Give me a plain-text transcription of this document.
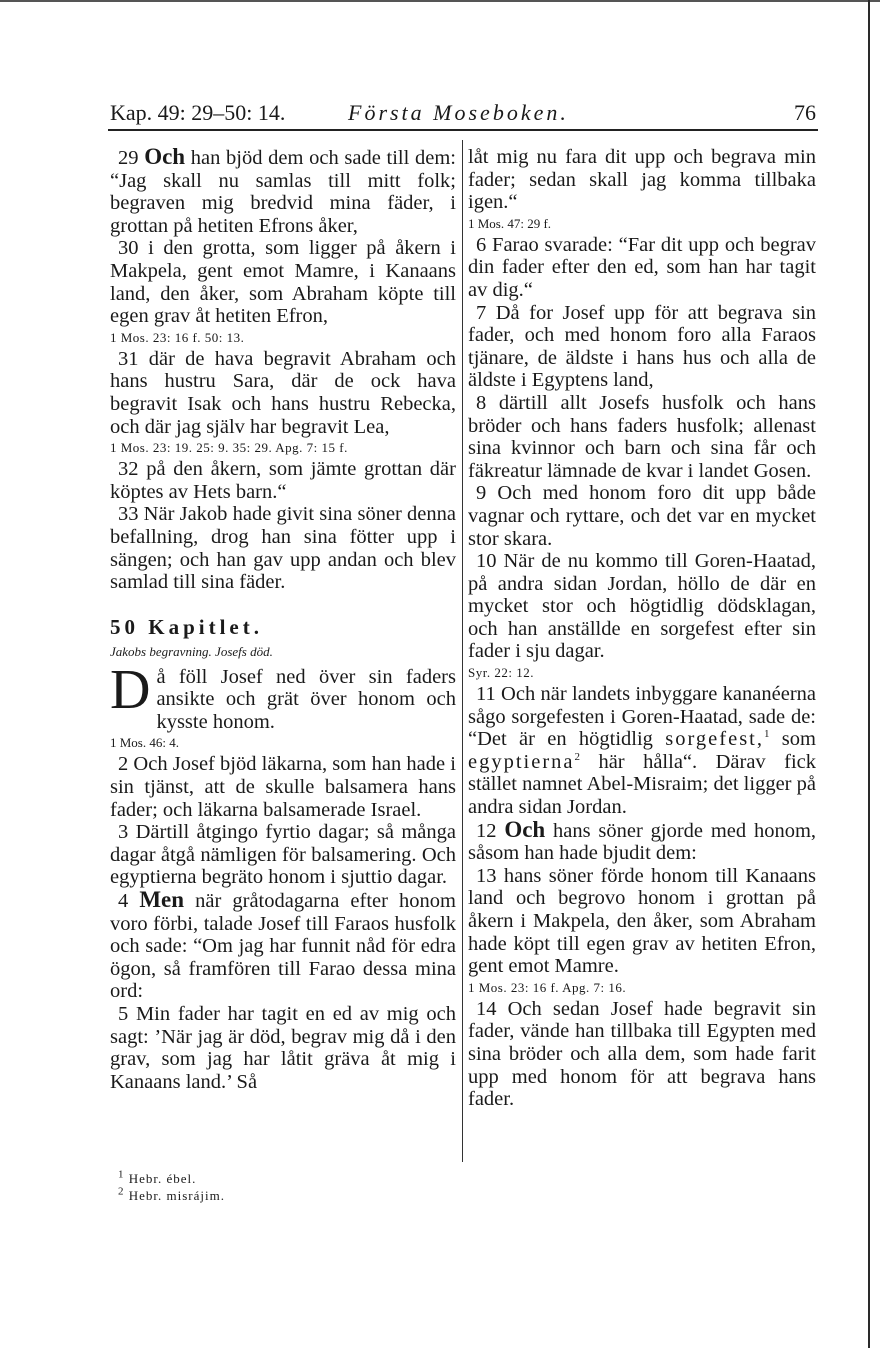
Kap. 49: 29–50: 14.	Första Moseboken.	76

29 Och han bjöd dem och sade till dem: “Jag skall nu samlas till mitt folk; begraven mig bredvid mina fäder, i grottan på hetiten Efrons åker,

30 i den grotta, som ligger på åkern i Makpela, gent emot Mamre, i Kanaans land, den åker, som Abraham köpte till egen grav åt hetiten Efron,

1 Mos. 23: 16 f. 50: 13.

31 där de hava begravit Abraham och hans hustru Sara, där de ock hava begravit Isak och hans hustru Rebecka, och där jag själv har begravit Lea,

1 Mos. 23: 19. 25: 9. 35: 29. Apg. 7: 15 f.

32 på den åkern, som jämte grottan där köptes av Hets barn.“

33 När Jakob hade givit sina söner denna befallning, drog han sina fötter upp i sängen; och han gav upp andan och blev samlad till sina fäder.

50 Kapitlet.

Jakobs begravning. Josefs död.

Då föll Josef ned över sin faders ansikte och grät över honom och kysste honom.

1 Mos. 46: 4.

2 Och Josef bjöd läkarna, som han hade i sin tjänst, att de skulle balsamera hans fader; och läkarna balsamerade Israel.

3 Därtill åtgingo fyrtio dagar; så många dagar åtgå nämligen för balsamering. Och egyptierna begräto honom i sjuttio dagar.

4 Men när gråtodagarna efter honom voro förbi, talade Josef till Faraos husfolk och sade: “Om jag har funnit nåd för edra ögon, så framfören till Farao dessa mina ord:

5 Min fader har tagit en ed av mig och sagt: ’När jag är död, begrav mig då i den grav, som jag har låtit gräva åt mig i Kanaans land.’ Så

låt mig nu fara dit upp och begrava min fader; sedan skall jag komma tillbaka igen.“

1 Mos. 47: 29 f.

6 Farao svarade: “Far dit upp och begrav din fader efter den ed, som han har tagit av dig.“

7 Då for Josef upp för att begrava sin fader, och med honom foro alla Faraos tjänare, de äldste i hans hus och alla de äldste i Egyptens land,

8 därtill allt Josefs husfolk och hans bröder och hans faders husfolk; allenast sina kvinnor och barn och sina får och fäkreatur lämnade de kvar i landet Gosen.

9 Och med honom foro dit upp både vagnar och ryttare, och det var en mycket stor skara.

10 När de nu kommo till Goren-Haatad, på andra sidan Jordan, höllo de där en mycket stor och högtidlig dödsklagan, och han anställde en sorgefest efter sin fader i sju dagar.

Syr. 22: 12.

11 Och när landets inbyggare kananéerna sågo sorgefesten i Goren-Haatad, sade de: “Det är en högtidlig sorgefest,$^1$ som egyptierna$^2$ här hålla“. Därav fick stället namnet Abel-Misraim; det ligger på andra sidan Jordan.

12 Och hans söner gjorde med honom, såsom han hade bjudit dem:

13 hans söner förde honom till Kanaans land och begrovo honom i grottan på åkern i Makpela, den åker, som Abraham hade köpt till egen grav av hetiten Efron, gent emot Mamre.

1 Mos. 23: 16 f. Apg. 7: 16.

14 Och sedan Josef hade begravit sin fader, vände han tillbaka till Egypten med sina bröder och alla dem, som hade farit upp med honom för att begrava hans fader.

$^1$ Hebr. ébel.
$^2$ Hebr. misrájim.
